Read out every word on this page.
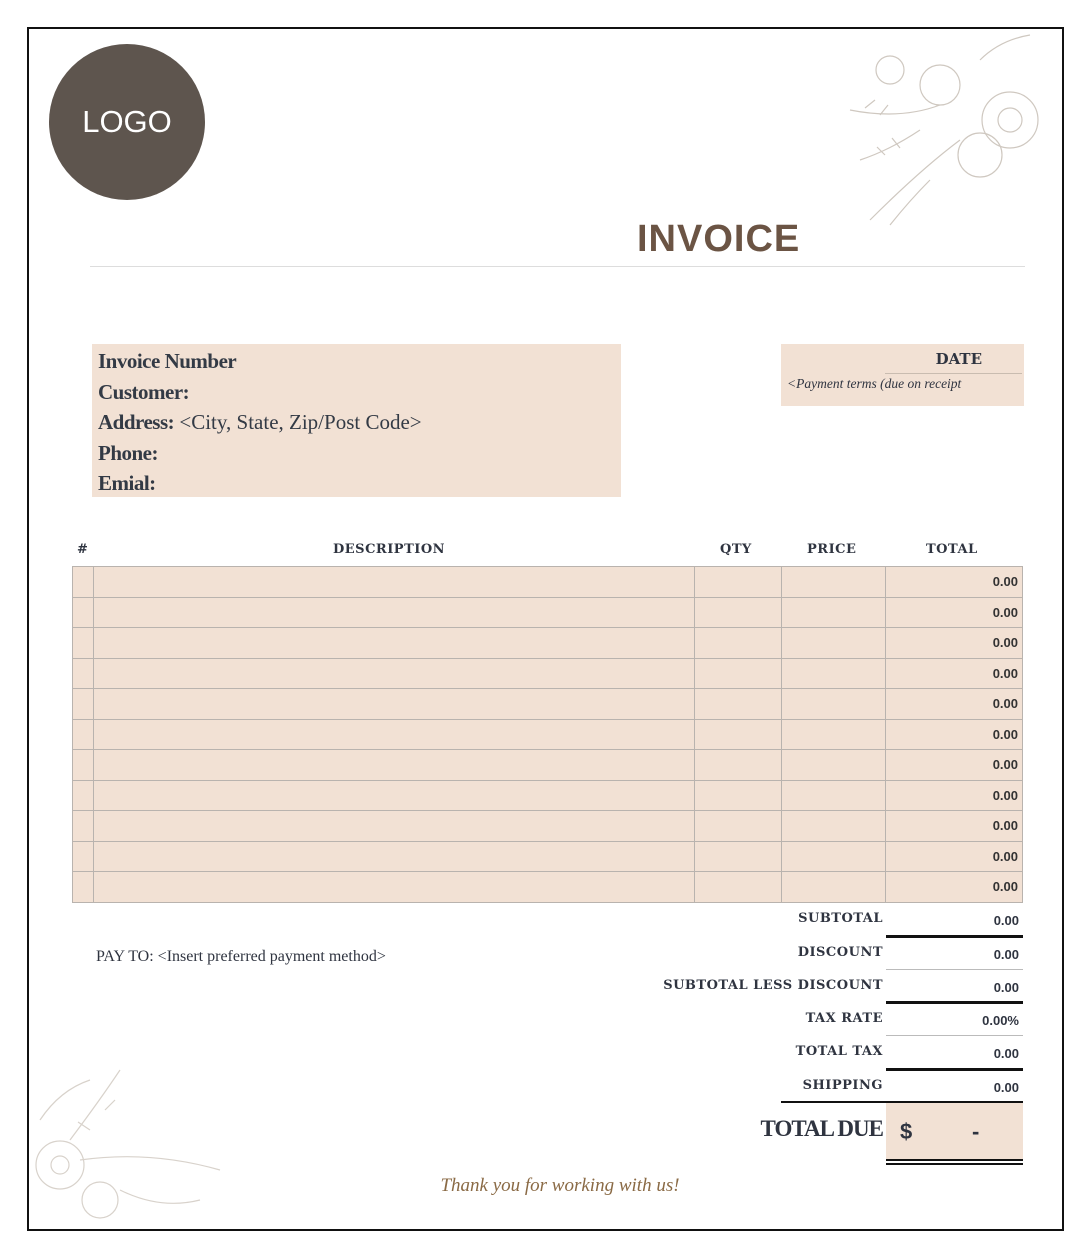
LOGO
INVOICE
Invoice Number
Customer:
Address: <City, State, Zip/Post Code>
Phone:
Emial:
DATE
<Payment terms (due on receipt
#	DESCRIPTION	QTY	PRICE	TOTAL
				0.00
				0.00
				0.00
				0.00
				0.00
				0.00
				0.00
				0.00
				0.00
				0.00
				0.00
PAY TO: <Insert preferred payment method>
SUBTOTAL	0.00
DISCOUNT	0.00
SUBTOTAL LESS DISCOUNT	0.00
TAX RATE	0.00%
TOTAL TAX	0.00
SHIPPING	0.00
TOTAL DUE $	-
Thank you for working with us!
